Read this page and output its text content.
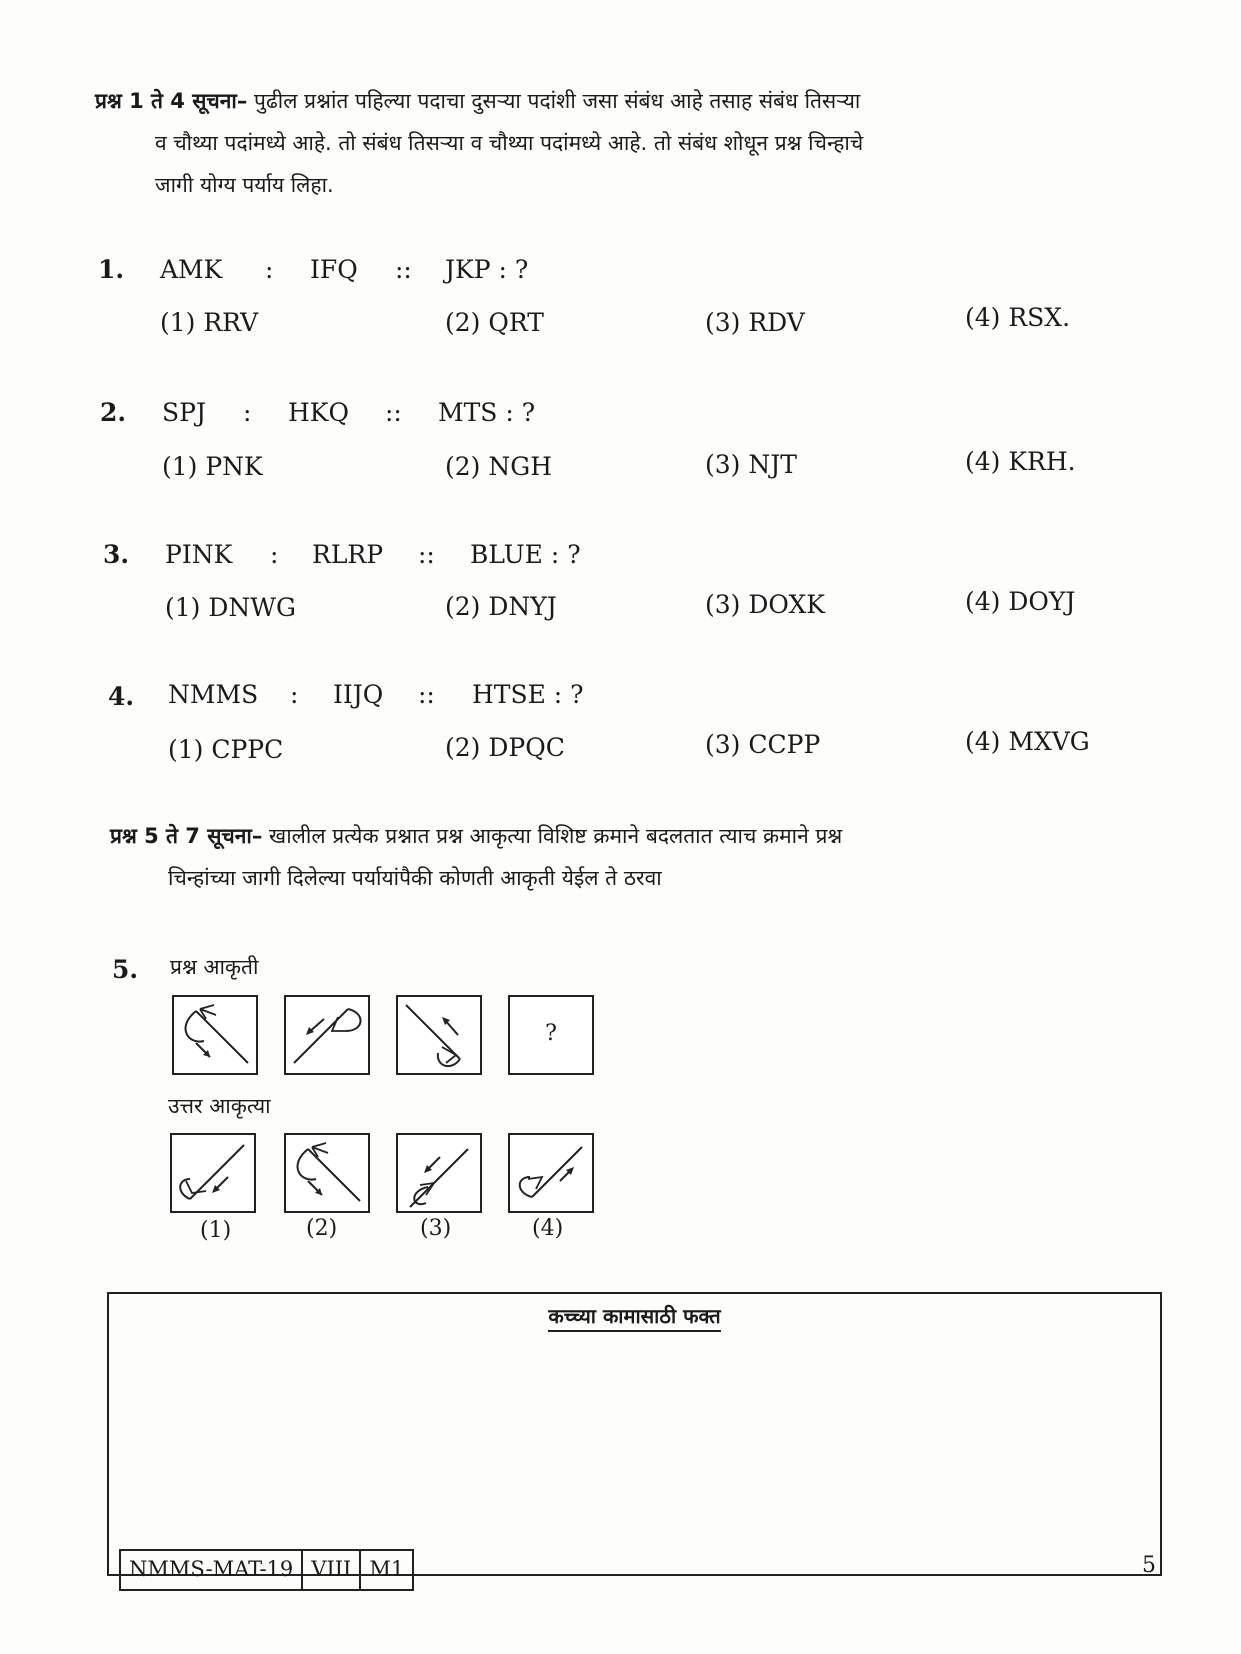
प्रश्न 1 ते 4 सूचना– पुढील प्रश्नांत पहिल्या पदाचा दुसऱ्या पदांशी जसा संबंध आहे तसाह संबंध तिसऱ्या
व चौथ्या पदांमध्ये आहे. तो संबंध तिसऱ्या व चौथ्या पदांमध्ये आहे. तो संबंध शोधून प्रश्न चिन्हाचे
जागी योग्य पर्याय लिहा.
1. AMK : IFQ :: JKP : ?
(1) RRV	(2) QRT	(3) RDV	(4) RSX.
2. SPJ : HKQ :: MTS : ?
(1) PNK	(2) NGH	(3) NJT	(4) KRH.
3. PINK : RLRP :: BLUE : ?
(1) DNWG	(2) DNYJ	(3) DOXK	(4) DOYJ
4. NMMS : IIJQ :: HTSE : ?
(1) CPPC	(2) DPQC	(3) CCPP	(4) MXVG
प्रश्न 5 ते 7 सूचना– खालील प्रत्येक प्रश्नात प्रश्न आकृत्या विशिष्ट क्रमाने बदलतात त्याच क्रमाने प्रश्न
चिन्हांच्या जागी दिलेल्या पर्यायांपैकी कोणती आकृती येईल ते ठरवा
5. प्रश्न आकृती
?
उत्तर आकृत्या
(1)	(2)	(3)	(4)
कच्च्या कामासाठी फक्त
NMMS-MAT-19 VIII M1	5
